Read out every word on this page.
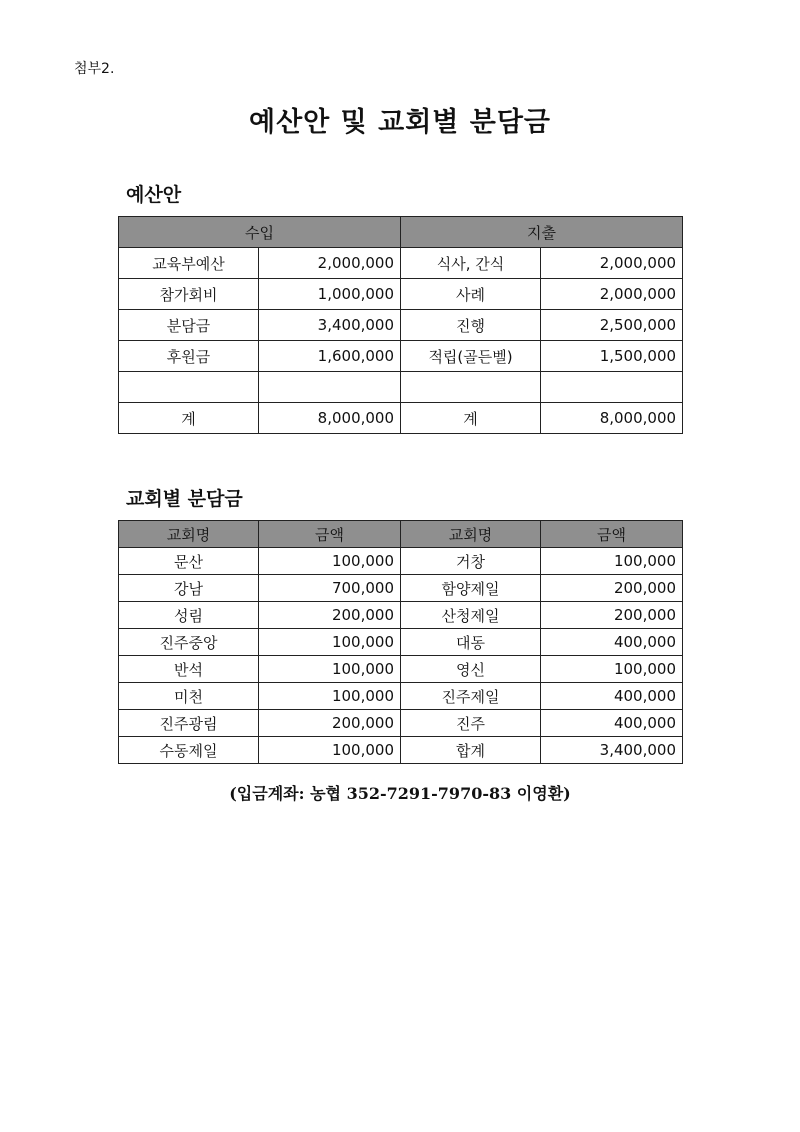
첨부2.
예산안 및 교회별 분담금
예산안
수입		지출	
교육부예산	2,000,000	식사, 간식	2,000,000
참가회비	1,000,000	사례	2,000,000
분담금	3,400,000	진행	2,500,000
후원금	1,600,000	적립(골든벨)	1,500,000

계	8,000,000	계	8,000,000
교회별 분담금
교회명	금액	교회명	금액
문산	100,000	거창	100,000
강남	700,000	함양제일	200,000
성림	200,000	산청제일	200,000
진주중앙	100,000	대동	400,000
반석	100,000	영신	100,000
미천	100,000	진주제일	400,000
진주광림	200,000	진주	400,000
수동제일	100,000	합계	3,400,000
(입금계좌: 농협 352-7291-7970-83 이영환)
